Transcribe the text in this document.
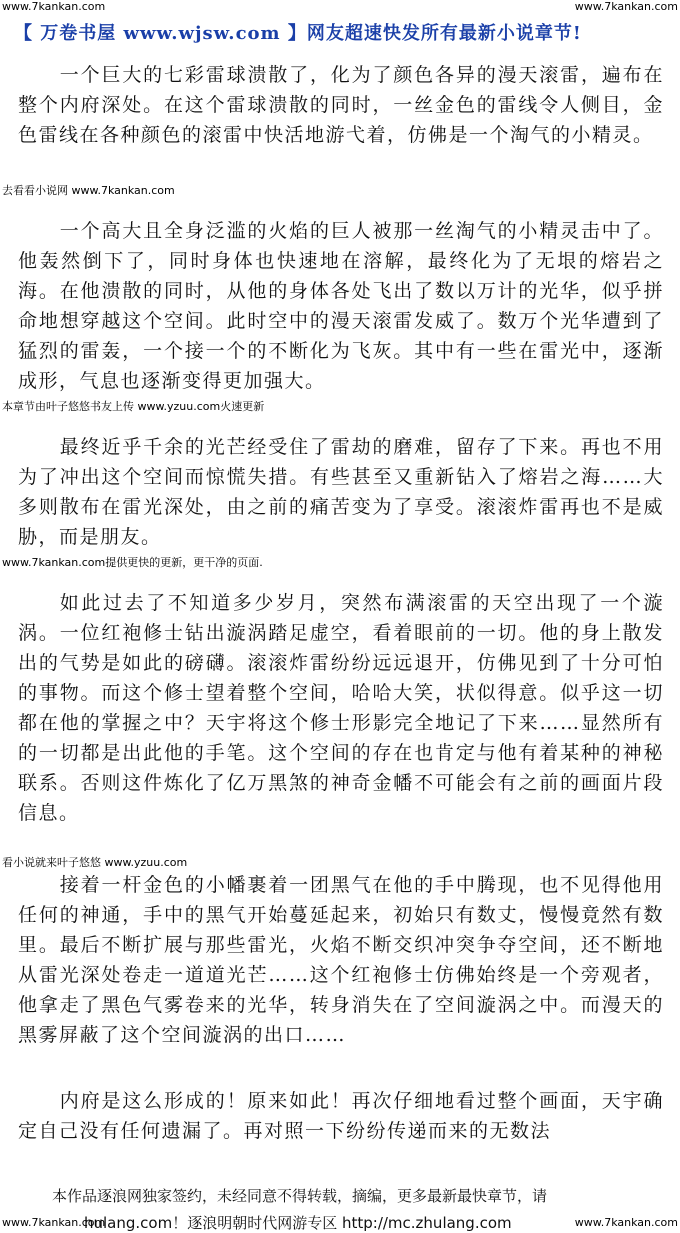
www.7kankan.com	www.7kankan.com
【 万卷书屋 www.wjsw.com 】网友超速快发所有最新小说章节!

一个巨大的七彩雷球溃散了，化为了颜色各异的漫天滚雷，遍布在整个内府深处。在这个雷球溃散的同时，一丝金色的雷线令人侧目，金色雷线在各种颜色的滚雷中快活地游弋着，仿佛是一个淘气的小精灵。

去看看小说网 www.7kankan.com

一个高大且全身泛滥的火焰的巨人被那一丝淘气的小精灵击中了。他轰然倒下了，同时身体也快速地在溶解，最终化为了无垠的熔岩之海。在他溃散的同时，从他的身体各处飞出了数以万计的光华，似乎拼命地想穿越这个空间。此时空中的漫天滚雷发威了。数万个光华遭到了猛烈的雷轰，一个接一个的不断化为飞灰。其中有一些在雷光中，逐渐成形，气息也逐渐变得更加强大。

本章节由叶子悠悠书友上传 www.yzuu.com火速更新

最终近乎千余的光芒经受住了雷劫的磨难，留存了下来。再也不用为了冲出这个空间而惊慌失措。有些甚至又重新钻入了熔岩之海……大多则散布在雷光深处，由之前的痛苦变为了享受。滚滚炸雷再也不是威胁，而是朋友。

www.7kankan.com提供更快的更新，更干净的页面.

如此过去了不知道多少岁月，突然布满滚雷的天空出现了一个漩涡。一位红袍修士钻出漩涡踏足虚空，看着眼前的一切。他的身上散发出的气势是如此的磅礴。滚滚炸雷纷纷远远退开，仿佛见到了十分可怕的事物。而这个修士望着整个空间，哈哈大笑，状似得意。似乎这一切都在他的掌握之中？天宇将这个修士形影完全地记了下来……显然所有的一切都是出此他的手笔。这个空间的存在也肯定与他有着某种的神秘联系。否则这件炼化了亿万黑煞的神奇金幡不可能会有之前的画面片段信息。

看小说就来叶子悠悠 www.yzuu.com

接着一杆金色的小幡裹着一团黑气在他的手中腾现，也不见得他用任何的神通，手中的黑气开始蔓延起来，初始只有数丈，慢慢竟然有数里。最后不断扩展与那些雷光，火焰不断交织冲突争夺空间，还不断地从雷光深处卷走一道道光芒……这个红袍修士仿佛始终是一个旁观者，他拿走了黑色气雾卷来的光华，转身消失在了空间漩涡之中。而漫天的黑雾屏蔽了这个空间漩涡的出口……

内府是这么形成的！原来如此！再次仔细地看过整个画面，天宇确定自己没有任何遗漏了。再对照一下纷纷传递而来的无数法

本作品逐浪网独家签约，未经同意不得转载，摘编，更多最新最快章节，请
hulang.com！逐浪明朝时代网游专区 http://mc.zhulang.com
www.7kankan.com	www.7kankan.com
